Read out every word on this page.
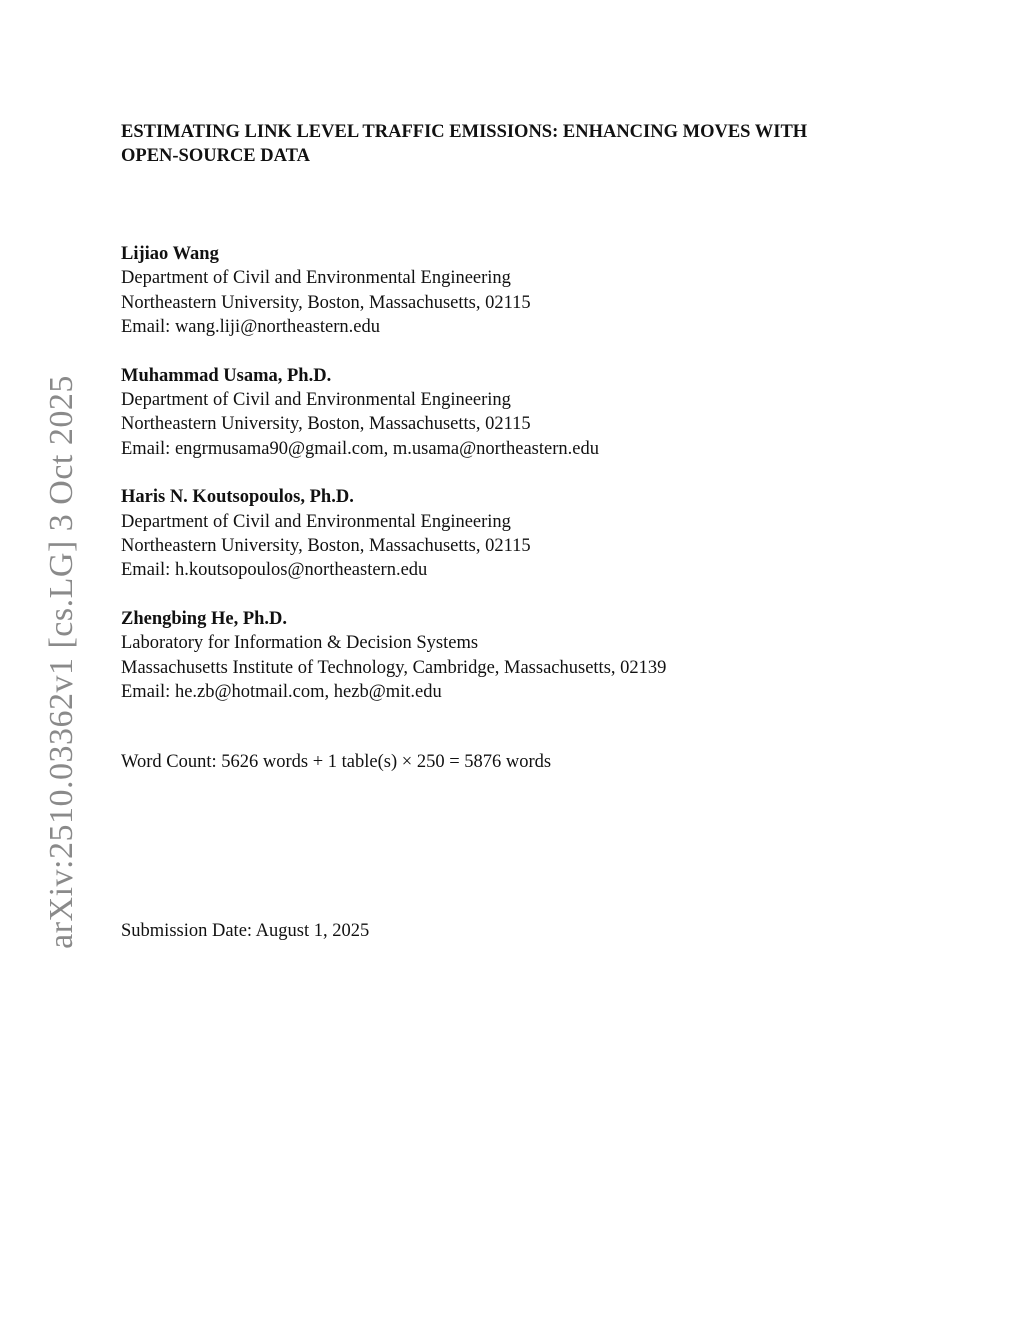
arXiv:2510.03362v1 [cs.LG] 3 Oct 2025
ESTIMATING LINK LEVEL TRAFFIC EMISSIONS: ENHANCING MOVES WITH
OPEN-SOURCE DATA
Lijiao Wang
Department of Civil and Environmental Engineering
Northeastern University, Boston, Massachusetts, 02115
Email: wang.liji@northeastern.edu
Muhammad Usama, Ph.D.
Department of Civil and Environmental Engineering
Northeastern University, Boston, Massachusetts, 02115
Email: engrmusama90@gmail.com, m.usama@northeastern.edu
Haris N. Koutsopoulos, Ph.D.
Department of Civil and Environmental Engineering
Northeastern University, Boston, Massachusetts, 02115
Email: h.koutsopoulos@northeastern.edu
Zhengbing He, Ph.D.
Laboratory for Information & Decision Systems
Massachusetts Institute of Technology, Cambridge, Massachusetts, 02139
Email: he.zb@hotmail.com, hezb@mit.edu
Word Count: 5626 words + 1 table(s) × 250 = 5876 words
Submission Date: August 1, 2025
